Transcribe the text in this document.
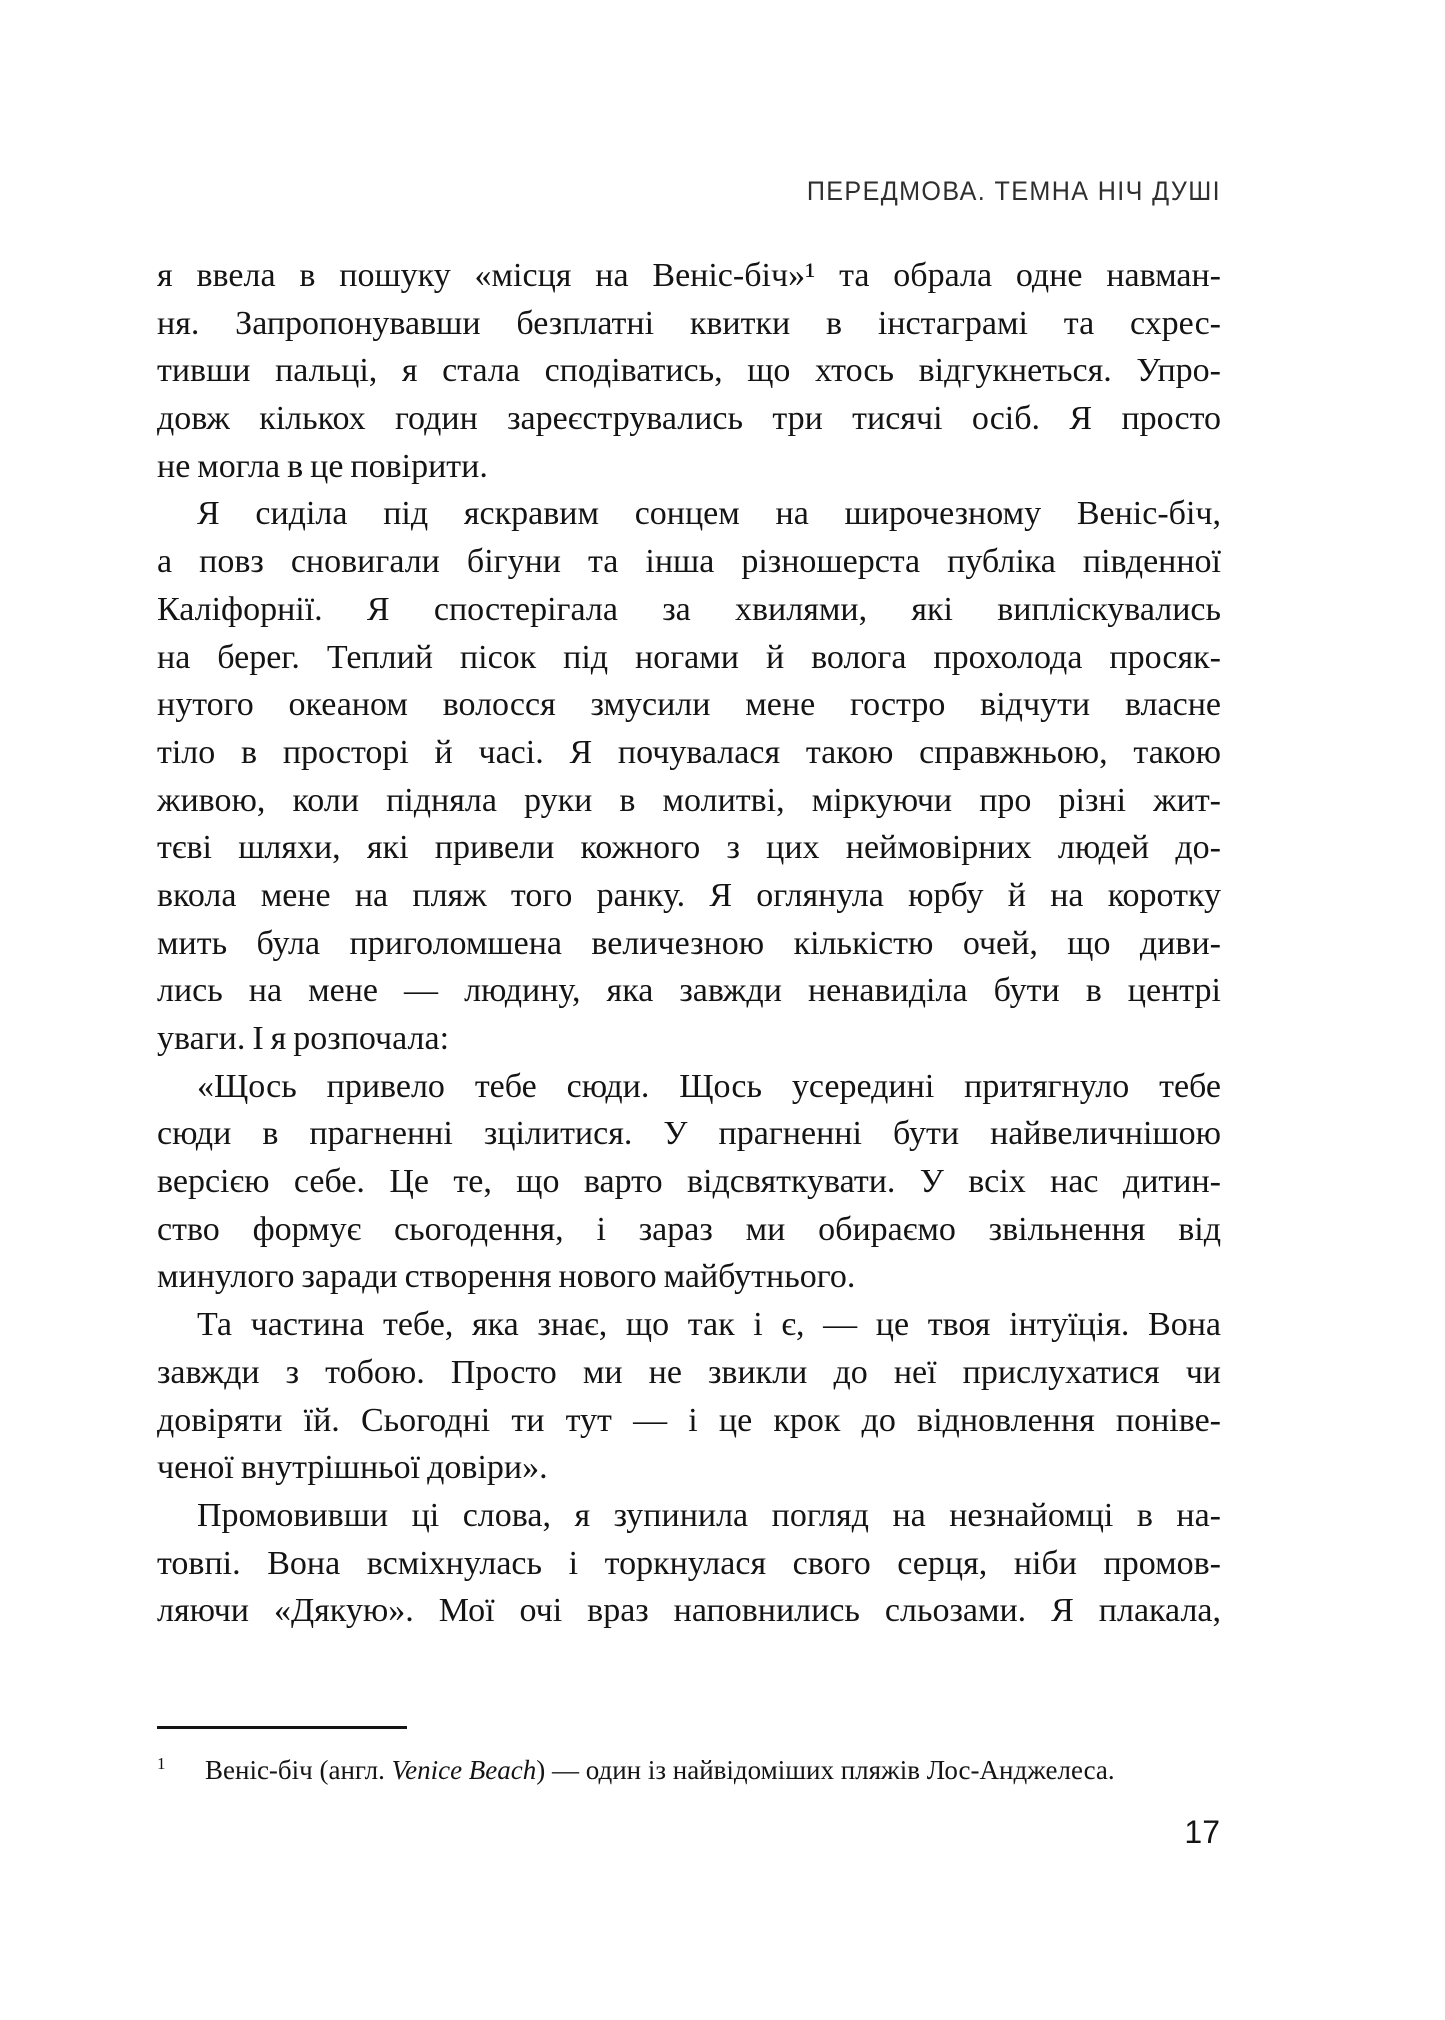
ПЕРЕДМОВА. ТЕМНА НІЧ ДУШІ
я ввела в пошуку «місця на Веніс-біч»¹ та обрала одне навман-
ня. Запропонувавши безплатні квитки в інстаграмі та схрес-
тивши пальці, я стала сподіватись, що хтось відгукнеться. Упро-
довж кількох годин зареєструвались три тисячі осіб. Я просто
не могла в це повірити.
Я сиділа під яскравим сонцем на широчезному Веніс-біч,
а повз сновигали бігуни та інша різношерста публіка південної
Каліфорнії. Я спостерігала за хвилями, які випліскувались
на берег. Теплий пісок під ногами й волога прохолода просяк-
нутого океаном волосся змусили мене гостро відчути власне
тіло в просторі й часі. Я почувалася такою справжньою, такою
живою, коли підняла руки в молитві, міркуючи про різні жит-
тєві шляхи, які привели кожного з цих неймовірних людей до-
вкола мене на пляж того ранку. Я оглянула юрбу й на коротку
мить була приголомшена величезною кількістю очей, що диви-
лись на мене — людину, яка завжди ненавиділа бути в центрі
уваги. І я розпочала:
«Щось привело тебе сюди. Щось усередині притягнуло тебе
сюди в прагненні зцілитися. У прагненні бути найвеличнішою
версією себе. Це те, що варто відсвяткувати. У всіх нас дитин-
ство формує сьогодення, і зараз ми обираємо звільнення від
минулого заради створення нового майбутнього.
Та частина тебе, яка знає, що так і є, — це твоя інтуїція. Вона
завжди з тобою. Просто ми не звикли до неї прислухатися чи
довіряти їй. Сьогодні ти тут — і це крок до відновлення поніве-
ченої внутрішньої довіри».
Промовивши ці слова, я зупинила погляд на незнайомці в на-
товпі. Вона всміхнулась і торкнулася свого серця, ніби промов-
ляючи «Дякую». Мої очі враз наповнились сльозами. Я плакала,
1 Веніс-біч (англ. Venice Beach) — один із найвідоміших пляжів Лос-Анджелеса.
17
